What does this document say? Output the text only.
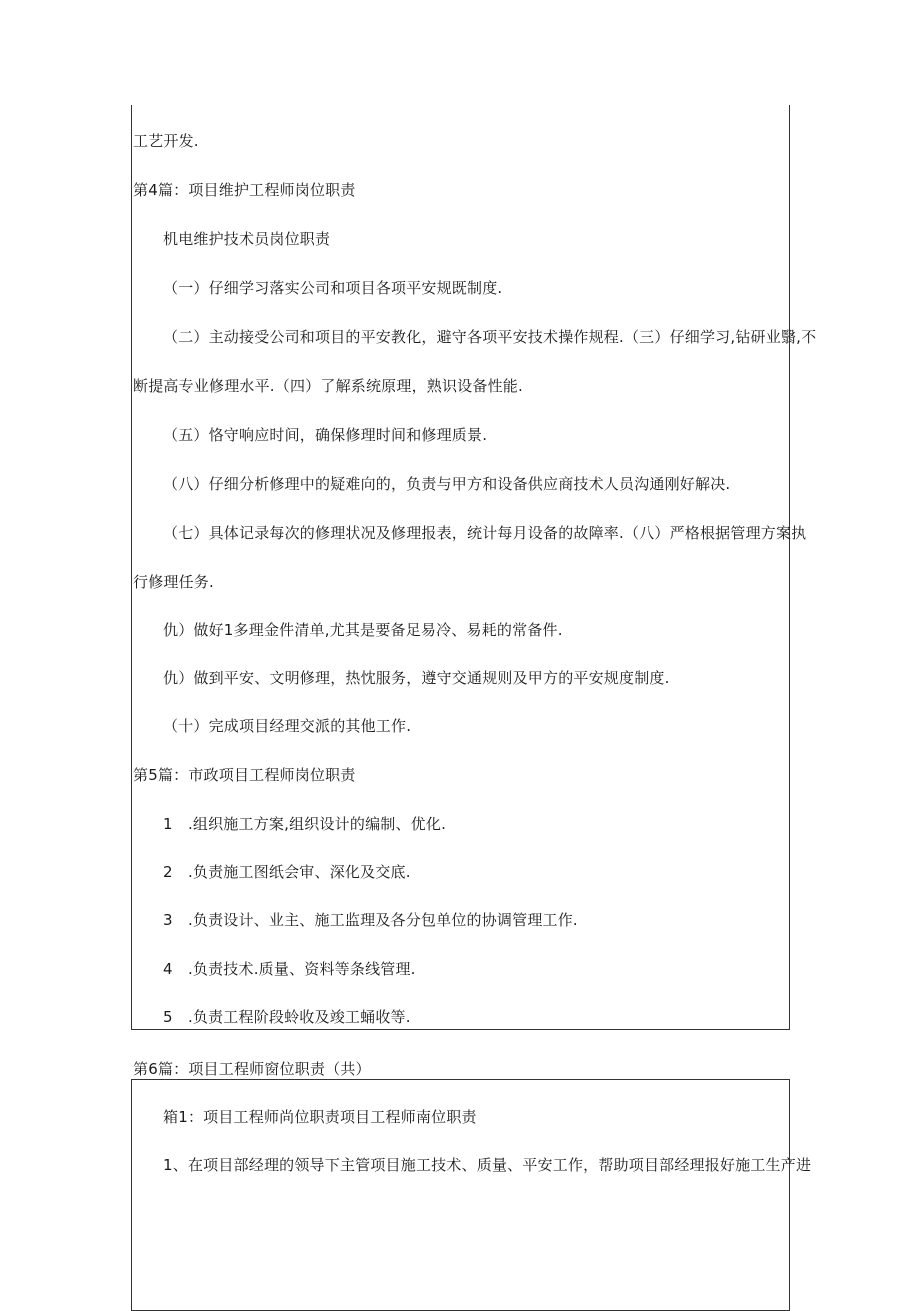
工艺开发.
第4篇：项目维护工程师岗位职责
机电维护技术员岗位职责
（一）仔细学习落实公司和项目各项平安规既制度.
（二）主动接受公司和项目的平安教化，避守各项平安技术操作规程.（三）仔细学习,钻研业翳,不
断提高专业修理水平.（四）了解系统原理，熟识设备性能.
（五）恪守响应时间，确保修理时间和修理质景.
（八）仔细分析修理中的疑难向的，负责与甲方和设备供应商技术人员沟通刚好解决.
（七）具体记录每次的修理状况及修理报表，统计每月设备的故障率.（八）严格根据管理方案执
行修理任务.
仇）做好1多理金件清单,尤其是要备足易冷、易耗的常备件.
仇）做到平安、文明修理，热忱服务，遵守交通规则及甲方的平安规度制度.
（十）完成项目经理交派的其他工作.
第5篇：市政项目工程师岗位职责
1　.组织施工方案,组织设计的编制、优化.
2　.负责施工图纸会审、深化及交底.
3　.负责设计、业主、施工监理及各分包单位的协调管理工作.
4　.负责技术.质量、资料等条线管理.
5　.负责工程阶段蛉收及竣工蛹收等.
第6篇：项目工程师窗位职责（共）
箱1：项目工程师尚位职责项目工程师南位职责
1、在项目部经理的领导下主管项目施工技术、质量、平安工作，帮助项目部经理报好施工生产进
